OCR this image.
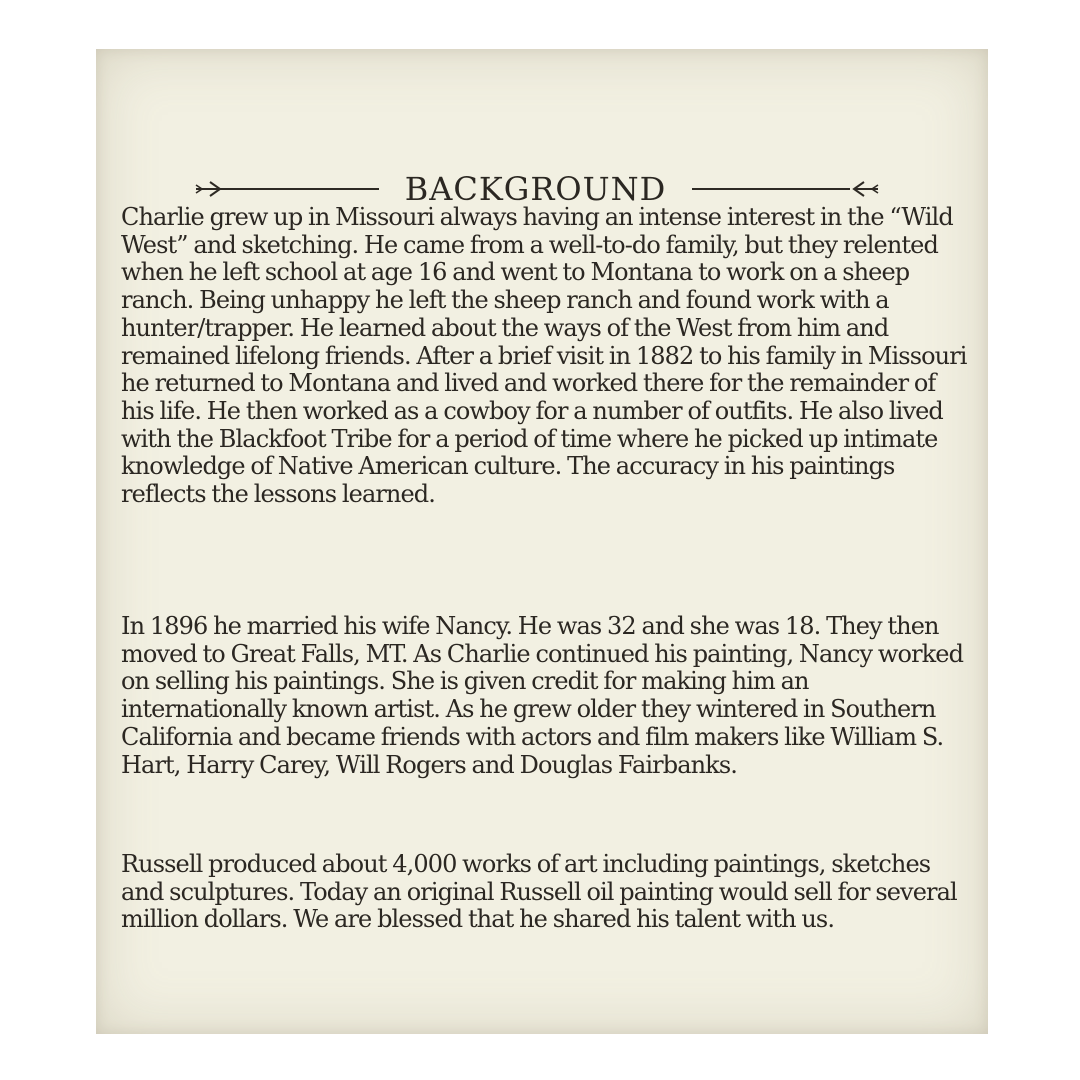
BACKGROUND

Charlie grew up in Missouri always having an intense interest in the “Wild West” and sketching. He came from a well-to-do family, but they relented when he left school at age 16 and went to Montana to work on a sheep ranch. Being unhappy he left the sheep ranch and found work with a hunter/trapper. He learned about the ways of the West from him and remained lifelong friends. After a brief visit in 1882 to his family in Missouri he returned to Montana and lived and worked there for the remainder of his life. He then worked as a cowboy for a number of outfits. He also lived with the Blackfoot Tribe for a period of time where he picked up intimate knowledge of Native American culture. The accuracy in his paintings reflects the lessons learned.

In 1896 he married his wife Nancy. He was 32 and she was 18. They then moved to Great Falls, MT. As Charlie continued his painting, Nancy worked on selling his paintings. She is given credit for making him an internationally known artist. As he grew older they wintered in Southern California and became friends with actors and film makers like William S. Hart, Harry Carey, Will Rogers and Douglas Fairbanks.

Russell produced about 4,000 works of art including paintings, sketches and sculptures. Today an original Russell oil painting would sell for several million dollars. We are blessed that he shared his talent with us.
